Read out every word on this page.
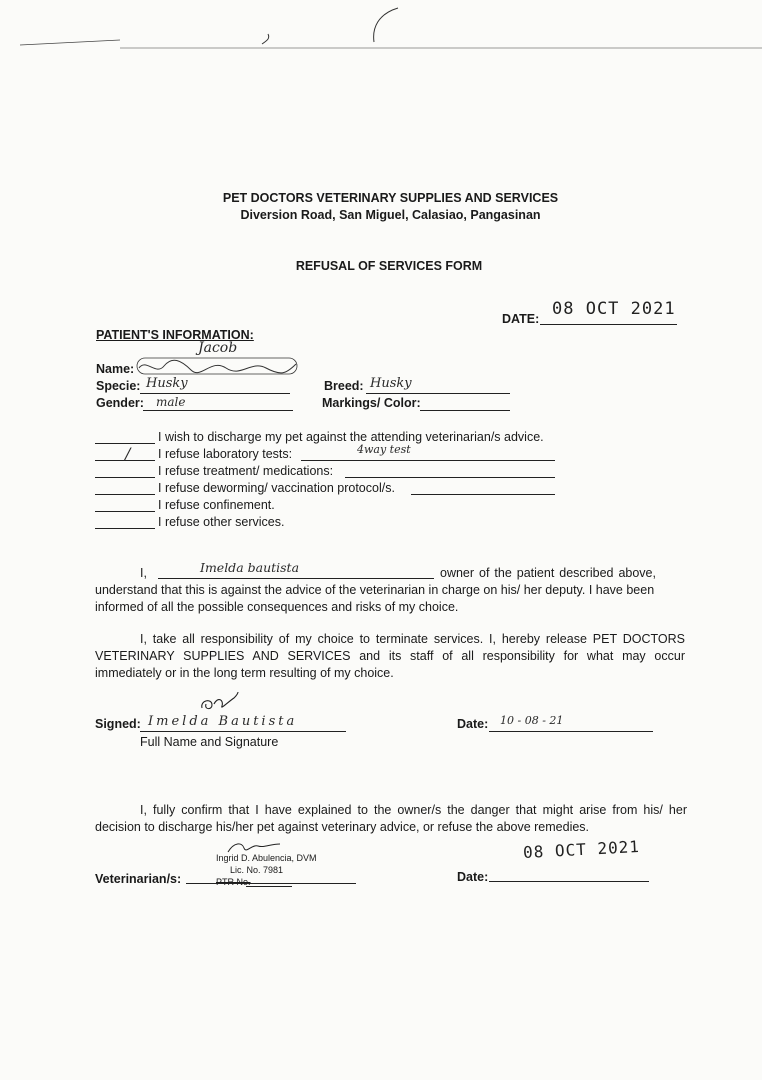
PET DOCTORS VETERINARY SUPPLIES AND SERVICES
Diversion Road, San Miguel, Calasiao, Pangasinan
REFUSAL OF SERVICES FORM
DATE: 08 OCT 2021
PATIENT'S INFORMATION:
Name:
Jacob
Specie: Husky
Gender: male
Breed: Husky
Markings/ Color:
I wish to discharge my pet against the attending veterinarian/s advice.
/ I refuse laboratory tests:	4way test
I refuse treatment/ medications:
I refuse deworming/ vaccination protocol/s.
I refuse confinement.
I refuse other services.
I,	Imelda bautista	owner of the patient described above,
understand that this is against the advice of the veterinarian in charge on his/ her deputy. I have been
informed of all the possible consequences and risks of my choice.
I, take all responsibility of my choice to terminate services. I, hereby release PET DOCTORS VETERINARY SUPPLIES AND SERVICES and its staff of all responsibility for what may occur immediately or in the long term resulting of my choice.
Signed: Imelda Bautista
Full Name and Signature
Date: 10 - 08 - 21
I, fully confirm that I have explained to the owner/s the danger that might arise from his/ her decision to discharge his/her pet against veterinary advice, or refuse the above remedies.
Ingrid D. Abulencia, DVM
Lic. No. 7981
PTR No.
Veterinarian/s:	Date:
08 OCT 2021
